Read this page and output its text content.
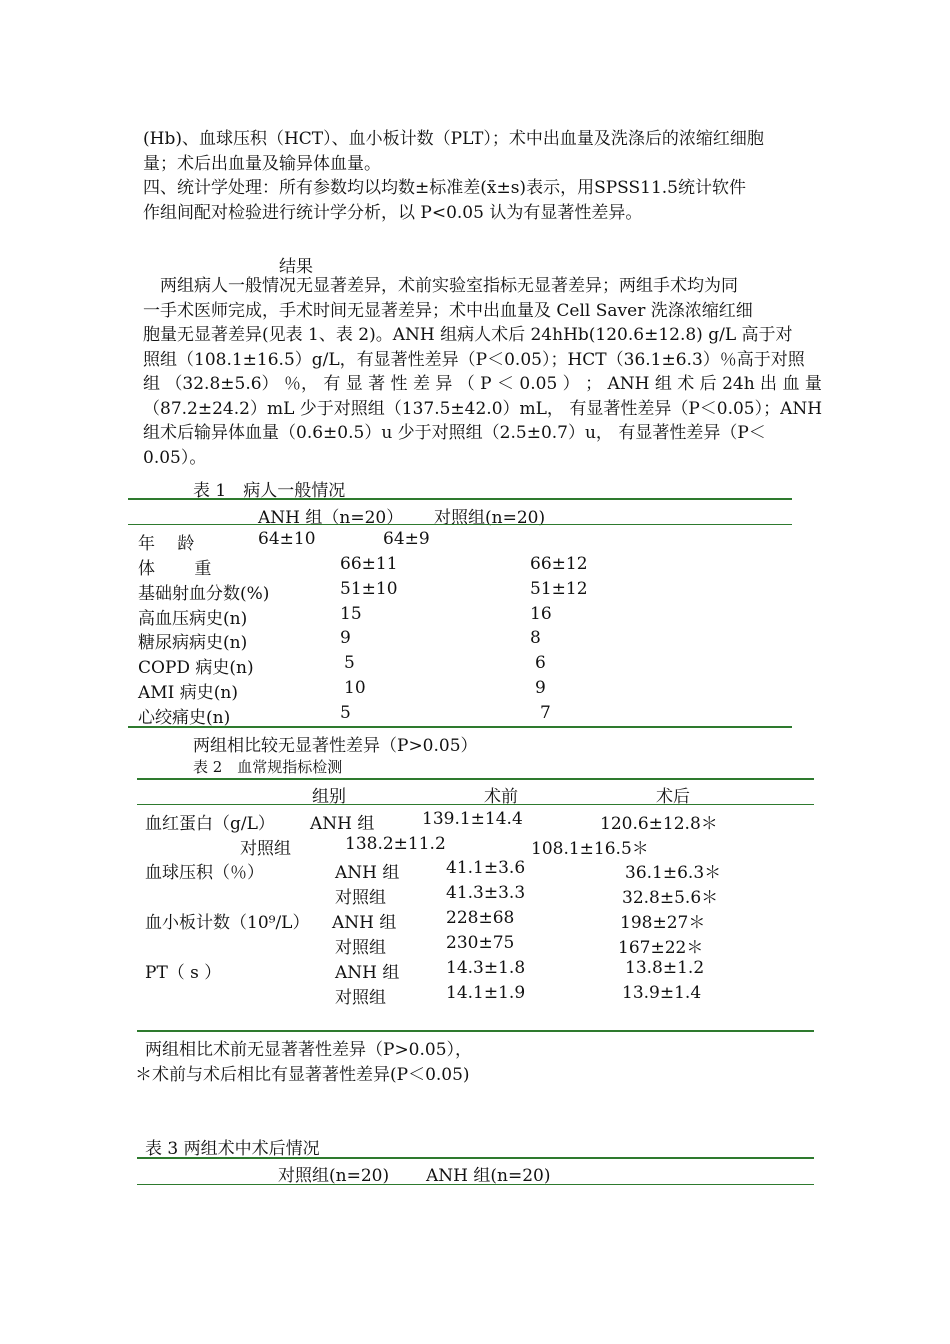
(Hb)、血球压积（HCT）、血小板计数（PLT）；术中出血量及洗涤后的浓缩红细胞
量；术后出血量及输异体血量。
四、统计学处理：所有参数均以均数±标准差(x̄±s)表示，用SPSS11.5统计软件
作组间配对检验进行统计学分析，以 P<0.05 认为有显著性差异。
结果
两组病人一般情况无显著差异，术前实验室指标无显著差异；两组手术均为同
一手术医师完成，手术时间无显著差异；术中出血量及 Cell Saver 洗涤浓缩红细
胞量无显著差异(见表 1、表 2)。ANH 组病人术后 24hHb(120.6±12.8) g/L 高于对
照组（108.1±16.5）g/L，有显著性差异（P＜0.05）；HCT（36.1±6.3）％高于对照
组 （32.8±5.6） ％， 有 显 著 性 差 异 （ P ＜ 0.05 ） ； ANH 组 术 后 24h 出 血 量
（87.2±24.2）mL 少于对照组（137.5±42.0）mL， 有显著性差异（P＜0.05）；ANH
组术后输异体血量（0.6±0.5）u 少于对照组（2.5±0.7）u， 有显著性差异（P＜
0.05）。
表 1　病人一般情况
ANH 组（n=20） 对照组(n=20)
年　 龄	64±10	64±9
体　　 重	66±11	66±12
基础射血分数(%)	51±10	51±12
高血压病史(n)	15	16
糖尿病病史(n)	9	8
COPD 病史(n)	5	6
AMI 病史(n)	10	9
心绞痛史(n)	5	7
两组相比较无显著性差异（P>0.05）
表 2　血常规指标检测
组别	术前	术后
血红蛋白（g/L） ANH 组	139.1±14.4	120.6±12.8＊
对照组	138.2±11.2	108.1±16.5＊
血球压积（％）	ANH 组	41.1±3.6	36.1±6.3＊
对照组	41.3±3.3	32.8±5.6＊
血小板计数（10⁹/L） ANH 组	228±68	198±27＊
对照组	230±75	167±22＊
PT（ s ）	ANH 组	14.3±1.8	13.8±1.2
对照组	14.1±1.9	13.9±1.4
两组相比术前无显著著性差异（P>0.05），
＊术前与术后相比有显著著性差异(P＜0.05)
表 3 两组术中术后情况
对照组(n=20) ANH 组(n=20)
